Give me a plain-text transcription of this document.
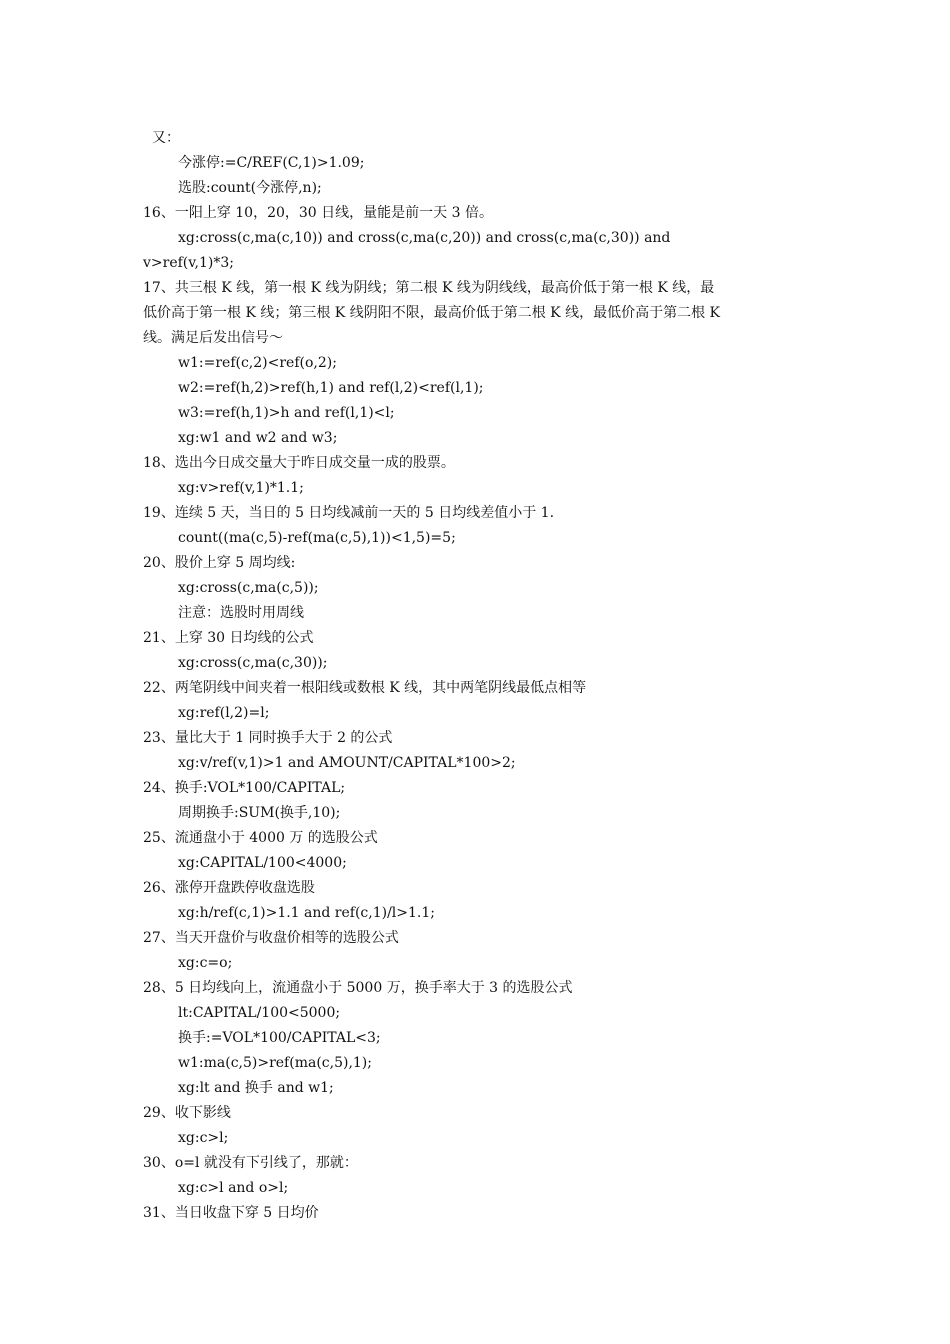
又：
今涨停:=C/REF(C,1)>1.09;
选股:count(今涨停,n);
16、一阳上穿 10，20，30 日线，量能是前一天 3 倍。
xg:cross(c,ma(c,10)) and cross(c,ma(c,20)) and cross(c,ma(c,30)) and
v>ref(v,1)*3;
17、共三根 K 线，第一根 K 线为阴线；第二根 K 线为阴线线，最高价低于第一根 K 线，最
低价高于第一根 K 线；第三根 K 线阴阳不限，最高价低于第二根 K 线，最低价高于第二根 K
线。满足后发出信号～
w1:=ref(c,2)<ref(o,2);
w2:=ref(h,2)>ref(h,1) and ref(l,2)<ref(l,1);
w3:=ref(h,1)>h and ref(l,1)<l;
xg:w1 and w2 and w3;
18、选出今日成交量大于昨日成交量一成的股票。
xg:v>ref(v,1)*1.1;
19、连续 5 天，当日的 5 日均线减前一天的 5 日均线差值小于 1.
count((ma(c,5)-ref(ma(c,5),1))<1,5)=5;
20、股价上穿 5 周均线:
xg:cross(c,ma(c,5));
注意：选股时用周线
21、上穿 30 日均线的公式
xg:cross(c,ma(c,30));
22、两笔阴线中间夹着一根阳线或数根 K 线，其中两笔阴线最低点相等
xg:ref(l,2)=l;
23、量比大于 1 同时换手大于 2 的公式
xg:v/ref(v,1)>1 and AMOUNT/CAPITAL*100>2;
24、换手:VOL*100/CAPITAL;
周期换手:SUM(换手,10);
25、流通盘小于 4000 万 的选股公式
xg:CAPITAL/100<4000;
26、涨停开盘跌停收盘选股
xg:h/ref(c,1)>1.1 and ref(c,1)/l>1.1;
27、当天开盘价与收盘价相等的选股公式
xg:c=o;
28、5 日均线向上，流通盘小于 5000 万，换手率大于 3 的选股公式
lt:CAPITAL/100<5000;
换手:=VOL*100/CAPITAL<3;
w1:ma(c,5)>ref(ma(c,5),1);
xg:lt and 换手 and w1;
29、收下影线
xg:c>l;
30、o=l 就没有下引线了，那就：
xg:c>l and o>l;
31、当日收盘下穿 5 日均价
